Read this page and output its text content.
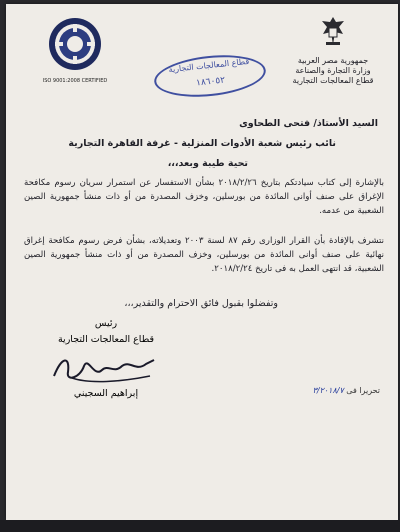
جمهورية مصر العربية
وزارة التجارة والصناعة
قطاع المعالجات التجارية
ISO 9001:2008 CERTIFIED
قطاع المعالجات التجارية
١٨٦٠٥٢
السيد الأستاذ/ فتحى الطحاوى
نائب رئيس شعبة الأدوات المنزلية - غرفة القاهرة التجارية
تحية طيبة وبعد،،،
بالإشارة إلى كتاب سيادتكم بتاريخ ٢٠١٨/٢/٢٦ بشأن الاستفسار عن استمرار سريان رسوم مكافحة الإغراق على صنف أوانى المائدة من بورسلين، وخزف المصدرة من أو ذات منشأ جمهورية الصين الشعبية من عدمه.
نتشرف بالإفادة بأن القرار الوزارى رقم ٨٧ لسنة ٢٠٠٣ وتعديلاته، بشأن فرض رسوم مكافحة إغراق نهائية على صنف أوانى المائدة من بورسلين، وخزف المصدرة من أو ذات منشأ جمهورية الصين الشعبية، قد انتهى العمل به فى تاريخ ٢٠١٨/٢/٢٤.
وتفضلوا بقبول فائق الاحترام والتقدير،،،
رئيس
قطاع المعالجات التجارية
إبراهيم السجيني	تحريرا فى ٣/٢٠١٨/٧
